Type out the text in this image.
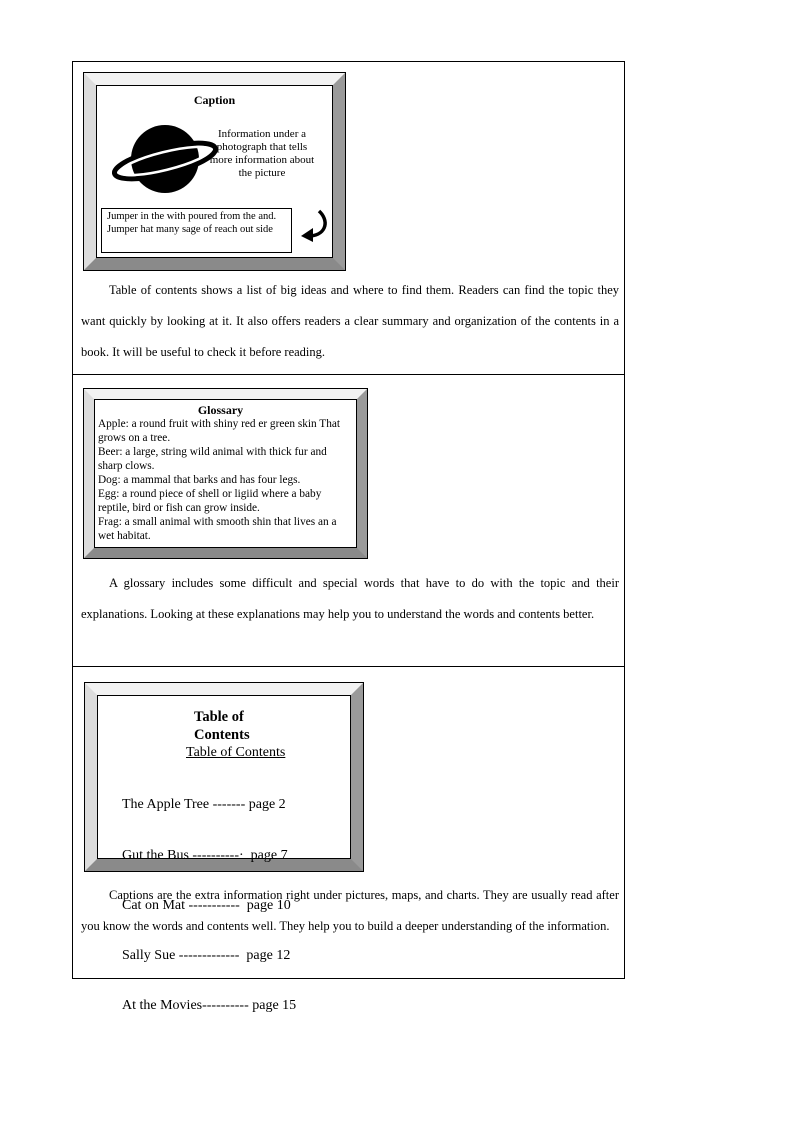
Caption
Information under a photograph that tells more information about the picture
Jumper in the with poured from the and. Jumper hat many sage of reach out side

Table of contents shows a list of big ideas and where to find them. Readers can find the topic they want quickly by looking at it. It also offers readers a clear summary and organization of the contents in a book. It will be useful to check it before reading.

Glossary
Apple: a round fruit with shiny red er green skin That grows on a tree.
Beer: a large, string wild animal with thick fur and sharp clows.
Dog: a mammal that barks and has four legs.
Egg: a round piece of shell or ligiid where a baby reptile, bird or fish can grow inside.
Frag: a small animal with smooth shin that lives an a wet habitat.

A glossary includes some difficult and special words that have to do with the topic and their explanations. Looking at these explanations may help you to understand the words and contents better.

Table of
Contents
Table of Contents

The Apple Tree ------- page 2

Gut the Bus ----------·  page 7

Cat on Mat -----------  page 10

Sally Sue -------------  page 12

At the Movies---------- page 15

Captions are the extra information right under pictures, maps, and charts. They are usually read after you know the words and contents well. They help you to build a deeper understanding of the information.
